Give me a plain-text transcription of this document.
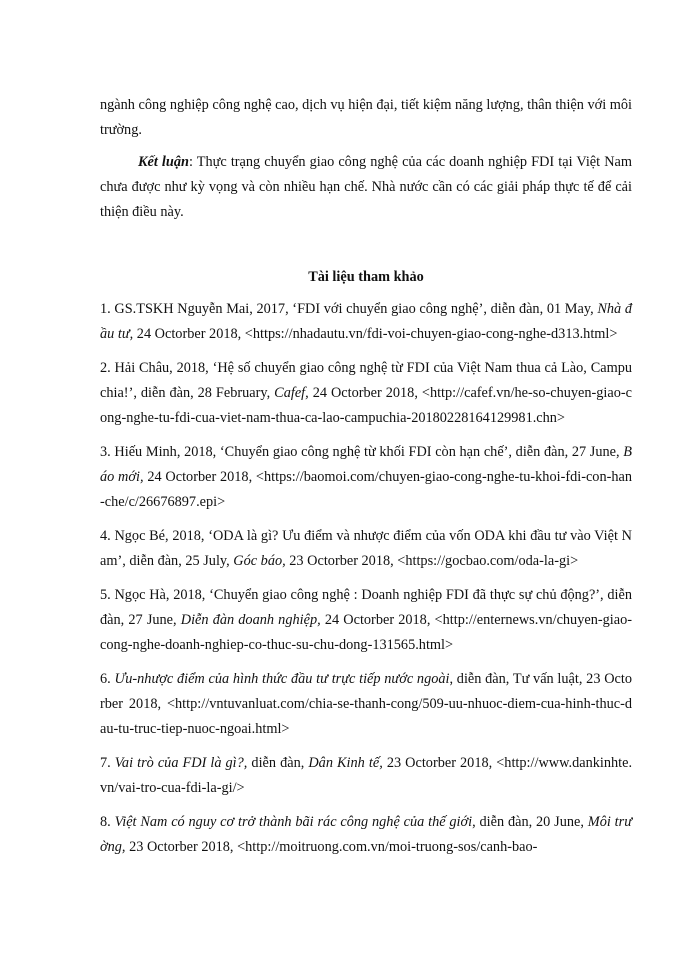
ngành công nghiệp công nghệ cao, dịch vụ hiện đại, tiết kiệm năng lượng, thân thiện với môi trường.

Kết luận: Thực trạng chuyển giao công nghệ của các doanh nghiệp FDI tại Việt Nam chưa được như kỳ vọng và còn nhiều hạn chế. Nhà nước cần có các giải pháp thực tế để cải thiện điều này.

Tài liệu tham khảo

1. GS.TSKH Nguyễn Mai, 2017, ‘FDI với chuyển giao công nghệ’, diễn đàn, 01 May, Nhà đầu tư, 24 Octorber 2018, <https://nhadautu.vn/fdi-voi-chuyen-giao-cong-nghe-d313.html>

2. Hải Châu, 2018, ‘Hệ số chuyển giao công nghệ từ FDI của Việt Nam thua cả Lào, Campuchia!’, diễn đàn, 28 February, Cafef, 24 Octorber 2018, <http://cafef.vn/he-so-chuyen-giao-cong-nghe-tu-fdi-cua-viet-nam-thua-ca-lao-campuchia-20180228164129981.chn>

3. Hiếu Minh, 2018, ‘Chuyển giao công nghệ từ khối FDI còn hạn chế’, diễn đàn, 27 June, Báo mới, 24 Octorber 2018, <https://baomoi.com/chuyen-giao-cong-nghe-tu-khoi-fdi-con-han-che/c/26676897.epi>

4. Ngọc Bé, 2018, ‘ODA là gì? Ưu điểm và nhược điểm của vốn ODA khi đầu tư vào Việt Nam’, diễn đàn, 25 July, Góc báo, 23 Octorber 2018, <https://gocbao.com/oda-la-gi>

5. Ngọc Hà, 2018, ‘Chuyển giao công nghệ : Doanh nghiệp FDI đã thực sự chủ động?’, diễn đàn, 27 June, Diễn đàn doanh nghiệp, 24 Octorber 2018, <http://enternews.vn/chuyen-giao-cong-nghe-doanh-nghiep-co-thuc-su-chu-dong-131565.html>

6. Ưu-nhược điểm của hình thức đầu tư trực tiếp nước ngoài, diễn đàn, Tư vấn luật, 23 Octorber 2018, <http://vntuvanluat.com/chia-se-thanh-cong/509-uu-nhuoc-diem-cua-hinh-thuc-dau-tu-truc-tiep-nuoc-ngoai.html>

7. Vai trò của FDI là gì?, diễn đàn, Dân Kinh tế, 23 Octorber 2018, <http://www.dankinhte.vn/vai-tro-cua-fdi-la-gi/>

8. Việt Nam có nguy cơ trở thành bãi rác công nghệ của thế giới, diễn đàn, 20 June, Môi trường, 23 Octorber 2018, <http://moitruong.com.vn/moi-truong-sos/canh-bao-
